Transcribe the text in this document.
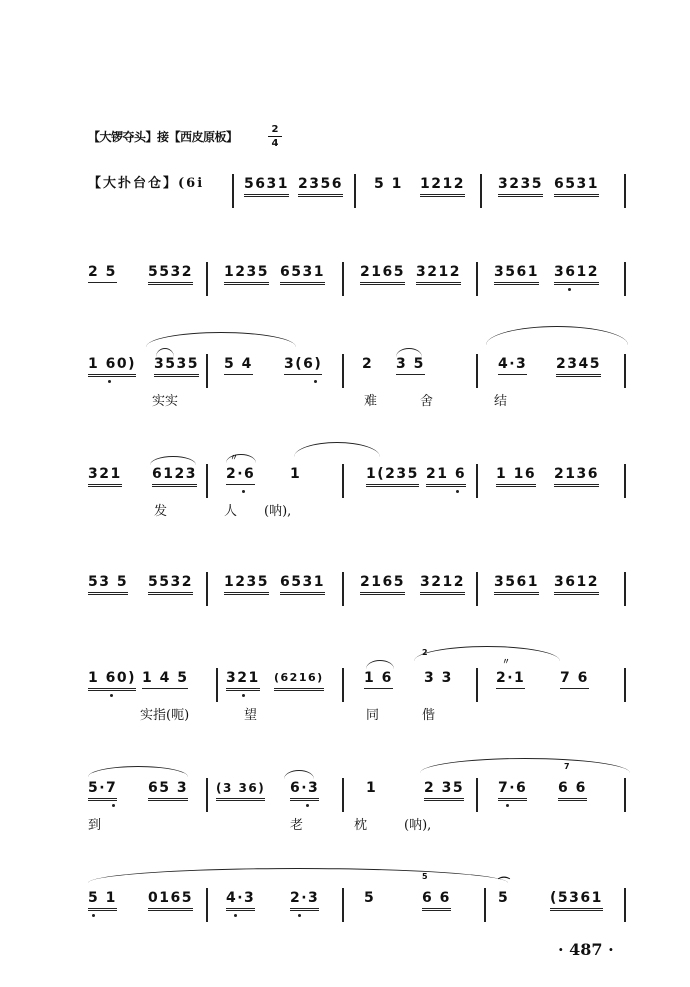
【大锣夺头】接【西皮原板】
2
4
【大扑台仓】(6i	5631 2356 5 1 1212 3235 6531
2 5 5532 1235 6531	2165 3212 3561 3612
1 60) 3535 5 4 3(6)	2 3 5	4·3 2345
实实	难	舍	结
〃
321 6123 2·6 1	1(235 21 6 1 16 2136
发	人 (呐),
53 5 5532 1235 6531	2165 3212 3561 3612
2
〃
1 60) 1 4 5	321 (6216)	1 6 3 3	2·1 7 6
实指(呃)	望	同	偕
7
5·7 65 3 (3 36) 6·3	1	2 35 7·6 6 6
到	老	枕	(呐),
5	⌒
5 1 0165 4·3 2·3	5	6 6	5	(5361
· 487 ·
